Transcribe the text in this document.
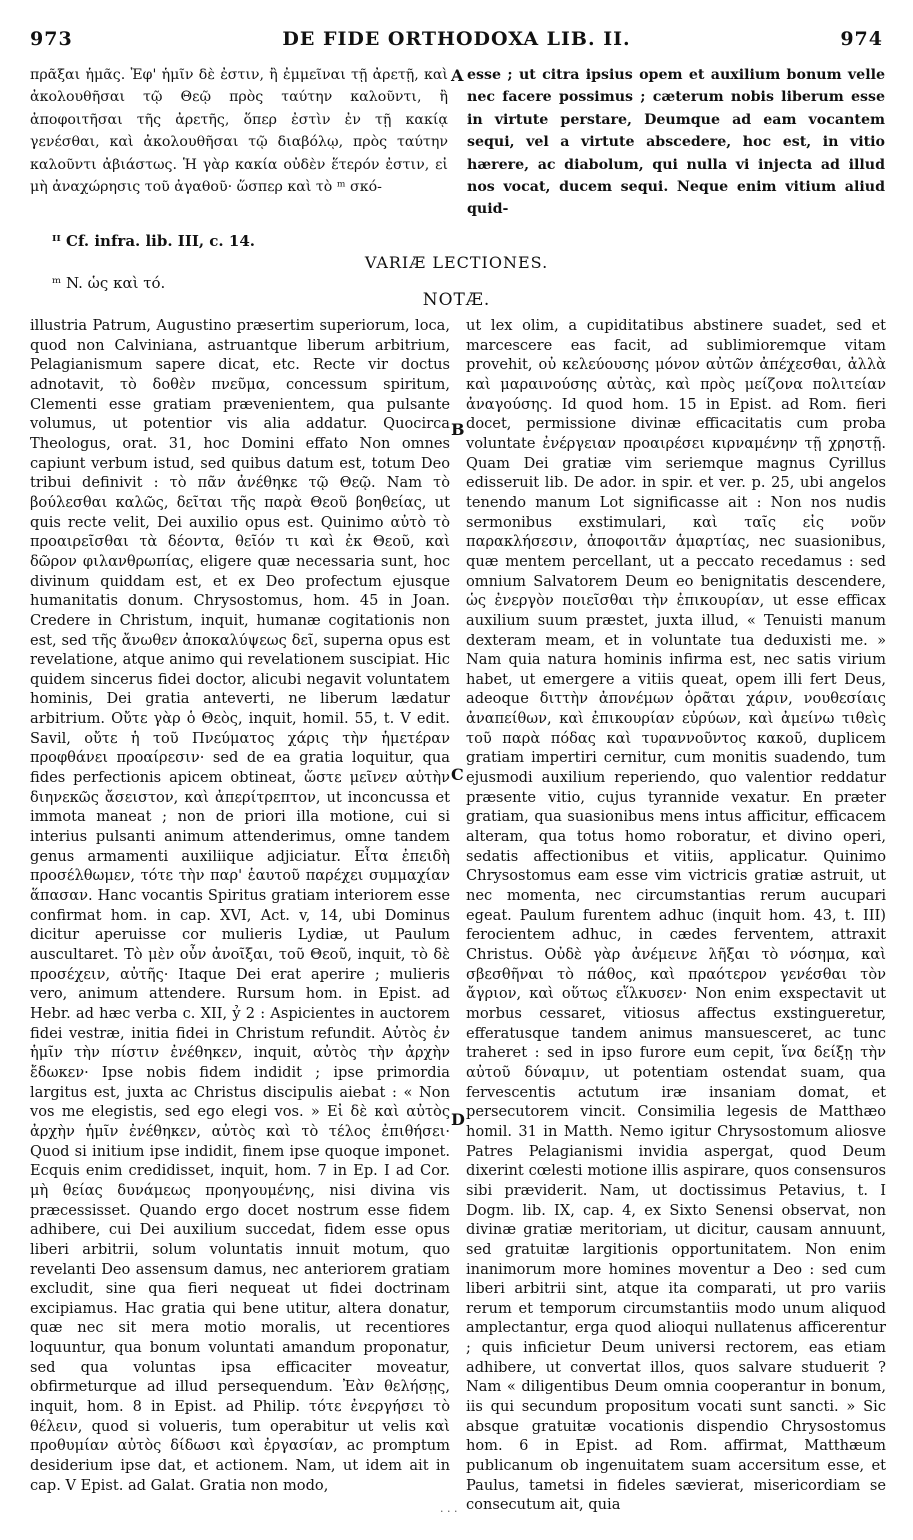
973	DE FIDE ORTHODOXA LIB. II.	974

πρᾶξαι ἡμᾶς. Ἐφ' ἡμῖν δὲ ἐστιν, ἢ ἐμμεῖναι τῇ ἀρετῇ, καὶ ἀκολουθῆσαι τῷ Θεῷ πρὸς ταύτην καλοῦντι, ἢ ἀποφοιτῆσαι τῆς ἀρετῆς, ὅπερ ἐστὶν ἐν τῇ κακίᾳ γενέσθαι, καὶ ἀκολουθῆσαι τῷ διαβόλῳ, πρὸς ταύτην καλοῦντι ἀβιάστως. Ἡ γὰρ κακία οὐδὲν ἕτερόν ἐστιν, εἰ μὴ ἀναχώρησις τοῦ ἀγαθοῦ· ὥσπερ καὶ τὸ ᵐ σκό-

A esse ; ut citra ipsius opem et auxilium bonum velle nec facere possimus ; cæterum nobis liberum esse in virtute perstare, Deumque ad eam vocantem sequi, vel a virtute abscedere, hoc est, in vitio hærere, ac diabolum, qui nulla vi injecta ad illud nos vocat, ducem sequi. Neque enim vitium aliud quid-

ᴵᴵ Cf. infra. lib. III, c. 14.
VARIÆ LECTIONES.
ᵐ N. ὡς καὶ τό.
NOTÆ.

illustria Patrum, Augustino præsertim superiorum, loca, quod non Calviniana, astruantque liberum arbitrium, Pelagianismum sapere dicat, etc. Recte vir doctus adnotavit, τὸ δοθὲν πνεῦμα, concessum spiritum, Clementi esse gratiam prævenientem, qua pulsante volumus, ut potentior vis alia addatur. Quocirca Theologus, orat. 31, hoc Domini effato Non omnes capiunt verbum istud, sed quibus datum est, totum Deo tribui definivit : τὸ πᾶν ἀνέθηκε τῷ Θεῷ. Nam τὸ βούλεσθαι καλῶς, δεῖται τῆς παρὰ Θεοῦ βοηθείας, ut quis recte velit, Dei auxilio opus est. Quinimo αὐτὸ τὸ προαιρεῖσθαι τὰ δέοντα, θεῖόν τι καὶ ἐκ Θεοῦ, καὶ δῶρον φιλανθρωπίας, eligere quæ necessaria sunt, hoc divinum quiddam est, et ex Deo profectum ejusque humanitatis donum. Chrysostomus, hom. 45 in Joan. Credere in Christum, inquit, humanæ cogitationis non est, sed τῆς ἄνωθεν ἀποκαλύψεως δεῖ, superna opus est revelatione, atque animo qui revelationem suscipiat. Hic quidem sincerus fidei doctor, alicubi negavit voluntatem hominis, Dei gratia anteverti, ne liberum lædatur arbitrium. Οὔτε γὰρ ὁ Θεὸς, inquit, homil. 55, t. V edit. Savil, οὔτε ἡ τοῦ Πνεύματος χάρις τὴν ἡμετέραν προφθάνει προαίρεσιν· sed de ea gratia loquitur, qua fides perfectionis apicem obtineat, ὥστε μεῖνεν αὐτὴν διηνεκῶς ἄσειστον, καὶ ἀπερίτρεπτον, ut inconcussa et immota maneat ; non de priori illa motione, cui si interius pulsanti animum attenderimus, omne tandem genus armamenti auxiliique adjiciatur. Εἶτα ἐπειδὴ προσέλθωμεν, τότε τὴν παρ' ἑαυτοῦ παρέχει συμμαχίαν ἅπασαν. Hanc vocantis Spiritus gratiam interiorem esse confirmat hom. in cap. XVI, Act. v, 14, ubi Dominus dicitur aperuisse cor mulieris Lydiæ, ut Paulum auscultaret. Τὸ μὲν οὖν ἀνοῖξαι, τοῦ Θεοῦ, inquit, τὸ δὲ προσέχειν, αὐτῆς· Itaque Dei erat aperire ; mulieris vero, animum attendere. Rursum hom. in Epist. ad Hebr. ad hæc verba c. XII, ỷ 2 : Aspicientes in auctorem fidei vestræ, initia fidei in Christum refundit. Αὐτὸς ἐν ἡμῖν τὴν πίστιν ἐνέθηκεν, inquit, αὐτὸς τὴν ἀρχὴν ἔδωκεν· Ipse nobis fidem indidit ; ipse primordia largitus est, juxta ac Christus discipulis aiebat : « Non vos me elegistis, sed ego elegi vos. » Εἰ δὲ καὶ αὐτὸς ἀρχὴν ἡμῖν ἐνέθηκεν, αὐτὸς καὶ τὸ τέλος ἐπιθήσει· Quod si initium ipse indidit, finem ipse quoque imponet. Ecquis enim credidisset, inquit, hom. 7 in Ep. I ad Cor. μὴ θείας δυνάμεως προηγουμένης, nisi divina vis præcessisset. Quando ergo docet nostrum esse fidem adhibere, cui Dei auxilium succedat, fidem esse opus liberi arbitrii, solum voluntatis innuit motum, quo revelanti Deo assensum damus, nec anteriorem gratiam excludit, sine qua fieri nequeat ut fidei doctrinam excipiamus. Hac gratia qui bene utitur, altera donatur, quæ nec sit mera motio moralis, ut recentiores loquuntur, qua bonum voluntati amandum proponatur, sed qua voluntas ipsa efficaciter moveatur, obfirmeturque ad illud persequendum. Ἐὰν θελήσῃς, inquit, hom. 8 in Epist. ad Philip. τότε ἐνεργήσει τὸ θέλειν, quod si volueris, tum operabitur ut velis καὶ προθυμίαν αὐτὸς δίδωσι καὶ ἐργασίαν, ac promptum desiderium ipse dat, et actionem. Nam, ut idem ait in cap. V Epist. ad Galat. Gratia non modo,

B
C
D

ut lex olim, a cupiditatibus abstinere suadet, sed et marcescere eas facit, ad sublimioremque vitam provehit, οὐ κελεύουσης μόνον αὐτῶν ἀπέχεσθαι, ἀλλὰ καὶ μαραινούσης αὐτὰς, καὶ πρὸς μείζονα πολιτείαν ἀναγούσης. Id quod hom. 15 in Epist. ad Rom. fieri docet, permissione divinæ efficacitatis cum proba voluntate ἐνέργειαν προαιρέσει κιρναμένην τῇ χρηστῇ. Quam Dei gratiæ vim seriemque magnus Cyrillus edisseruit lib. De ador. in spir. et ver. p. 25, ubi angelos tenendo manum Lot significasse ait : Non nos nudis sermonibus exstimulari, καὶ ταῖς εἰς νοῦν παρακλήσεσιν, ἀποφοιτᾶν ἁμαρτίας, nec suasionibus, quæ mentem percellant, ut a peccato recedamus : sed omnium Salvatorem Deum eo benignitatis descendere, ὡς ἐνεργὸν ποιεῖσθαι τὴν ἐπικουρίαν, ut esse efficax auxilium suum præstet, juxta illud, « Tenuisti manum dexteram meam, et in voluntate tua deduxisti me. » Nam quia natura hominis infirma est, nec satis virium habet, ut emergere a vitiis queat, opem illi fert Deus, adeoque διττὴν ἀπονέμων ὁρᾶται χάριν, νουθεσίαις ἀναπείθων, καὶ ἐπικουρίαν εὐρύων, καὶ ἀμείνω τιθεὶς τοῦ παρὰ πόδας καὶ τυραννοῦντος κακοῦ, duplicem gratiam impertiri cernitur, cum monitis suadendo, tum ejusmodi auxilium reperiendo, quo valentior reddatur præsente vitio, cujus tyrannide vexatur. En præter gratiam, qua suasionibus mens intus afficitur, efficacem alteram, qua totus homo roboratur, et divino operi, sedatis affectionibus et vitiis, applicatur. Quinimo Chrysostomus eam esse vim victricis gratiæ astruit, ut nec momenta, nec circumstantias rerum aucupari egeat. Paulum furentem adhuc (inquit hom. 43, t. III) ferocientem adhuc, in cædes ferventem, attraxit Christus. Οὐδὲ γὰρ ἀνέμεινε λῆξαι τὸ νόσημα, καὶ σβεσθῆναι τὸ πάθος, καὶ πραότερον γενέσθαι τὸν ἄγριον, καὶ οὕτως εἵλκυσεν· Non enim exspectavit ut morbus cessaret, vitiosus affectus exstingueretur, efferatusque tandem animus mansuesceret, ac tunc traheret : sed in ipso furore eum cepit, ἵνα δείξῃ τὴν αὐτοῦ δύναμιν, ut potentiam ostendat suam, qua fervescentis actutum iræ insaniam domat, et persecutorem vincit. Consimilia legesis de Matthæo homil. 31 in Matth. Nemo igitur Chrysostomum aliosve Patres Pelagianismi invidia aspergat, quod Deum dixerint cœlesti motione illis aspirare, quos consensuros sibi præviderit. Nam, ut doctissimus Petavius, t. I Dogm. lib. IX, cap. 4, ex Sixto Senensi observat, non divinæ gratiæ meritoriam, ut dicitur, causam annuunt, sed gratuitæ largitionis opportunitatem. Non enim inanimorum more homines moventur a Deo : sed cum liberi arbitrii sint, atque ita comparati, ut pro variis rerum et temporum circumstantiis modo unum aliquod amplectantur, erga quod alioqui nullatenus afficerentur ; quis inficietur Deum universi rectorem, eas etiam adhibere, ut convertat illos, quos salvare studuerit ? Nam « diligentibus Deum omnia cooperantur in bonum, iis qui secundum propositum vocati sunt sancti. » Sic absque gratuitæ vocationis dispendio Chrysostomus hom. 6 in Epist. ad Rom. affirmat, Matthæum publicanum ob ingenuitatem suam accersitum esse, et Paulus, tametsi in fideles sævierat, misericordiam se consecutum ait, quia

· · ·
